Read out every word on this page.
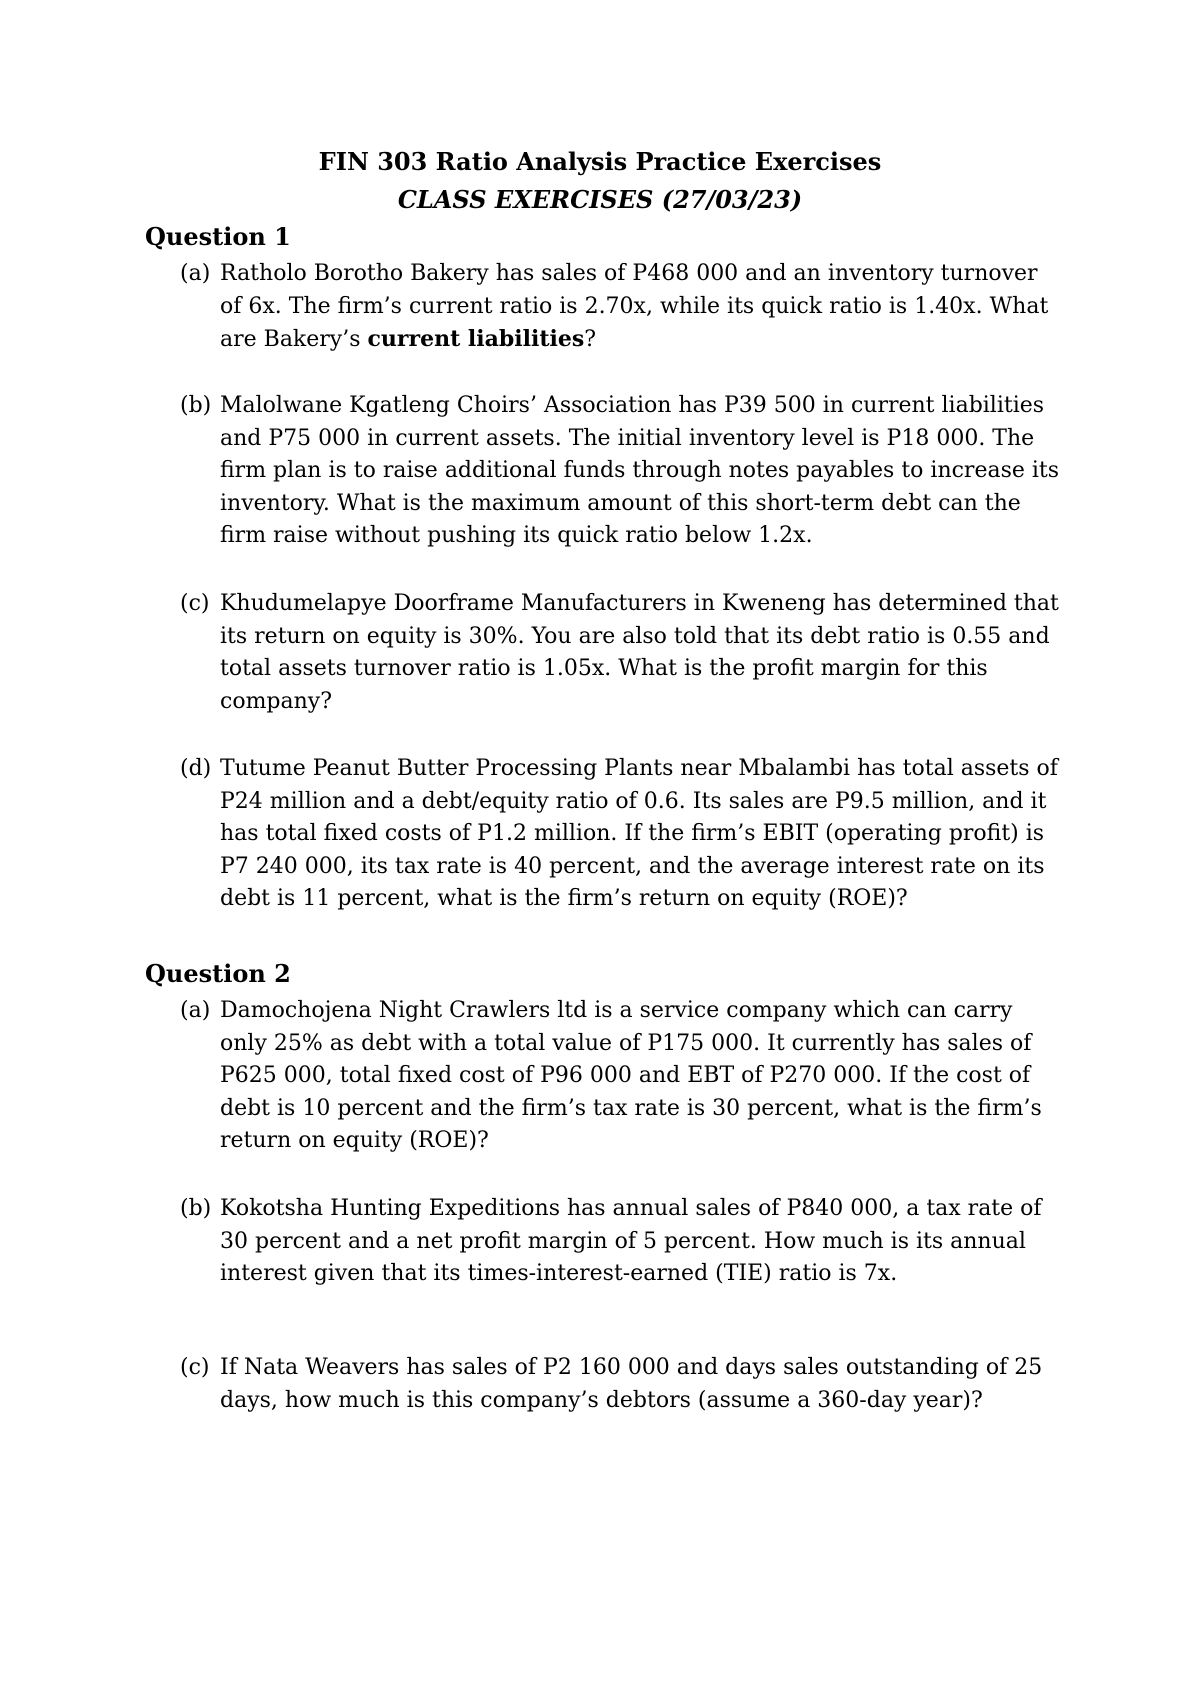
FIN 303 Ratio Analysis Practice Exercises
CLASS EXERCISES (27/03/23)
Question 1
(a) Ratholo Borotho Bakery has sales of P468 000 and an inventory turnover of 6x. The firm’s current ratio is 2.70x, while its quick ratio is 1.40x. What are Bakery’s current liabilities?
(b) Malolwane Kgatleng Choirs’ Association has P39 500 in current liabilities and P75 000 in current assets. The initial inventory level is P18 000. The firm plan is to raise additional funds through notes payables to increase its inventory. What is the maximum amount of this short-term debt can the firm raise without pushing its quick ratio below 1.2x.
(c) Khudumelapye Doorframe Manufacturers in Kweneng has determined that its return on equity is 30%. You are also told that its debt ratio is 0.55 and total assets turnover ratio is 1.05x. What is the profit margin for this company?
(d) Tutume Peanut Butter Processing Plants near Mbalambi has total assets of P24 million and a debt/equity ratio of 0.6. Its sales are P9.5 million, and it has total fixed costs of P1.2 million. If the firm’s EBIT (operating profit) is P7 240 000, its tax rate is 40 percent, and the average interest rate on its debt is 11 percent, what is the firm’s return on equity (ROE)?
Question 2
(a) Damochojena Night Crawlers ltd is a service company which can carry only 25% as debt with a total value of P175 000. It currently has sales of P625 000, total fixed cost of P96 000 and EBT of P270 000. If the cost of debt is 10 percent and the firm’s tax rate is 30 percent, what is the firm’s return on equity (ROE)?
(b) Kokotsha Hunting Expeditions has annual sales of P840 000, a tax rate of 30 percent and a net profit margin of 5 percent. How much is its annual interest given that its times-interest-earned (TIE) ratio is 7x.
(c) If Nata Weavers has sales of P2 160 000 and days sales outstanding of 25 days, how much is this company’s debtors (assume a 360-day year)?
